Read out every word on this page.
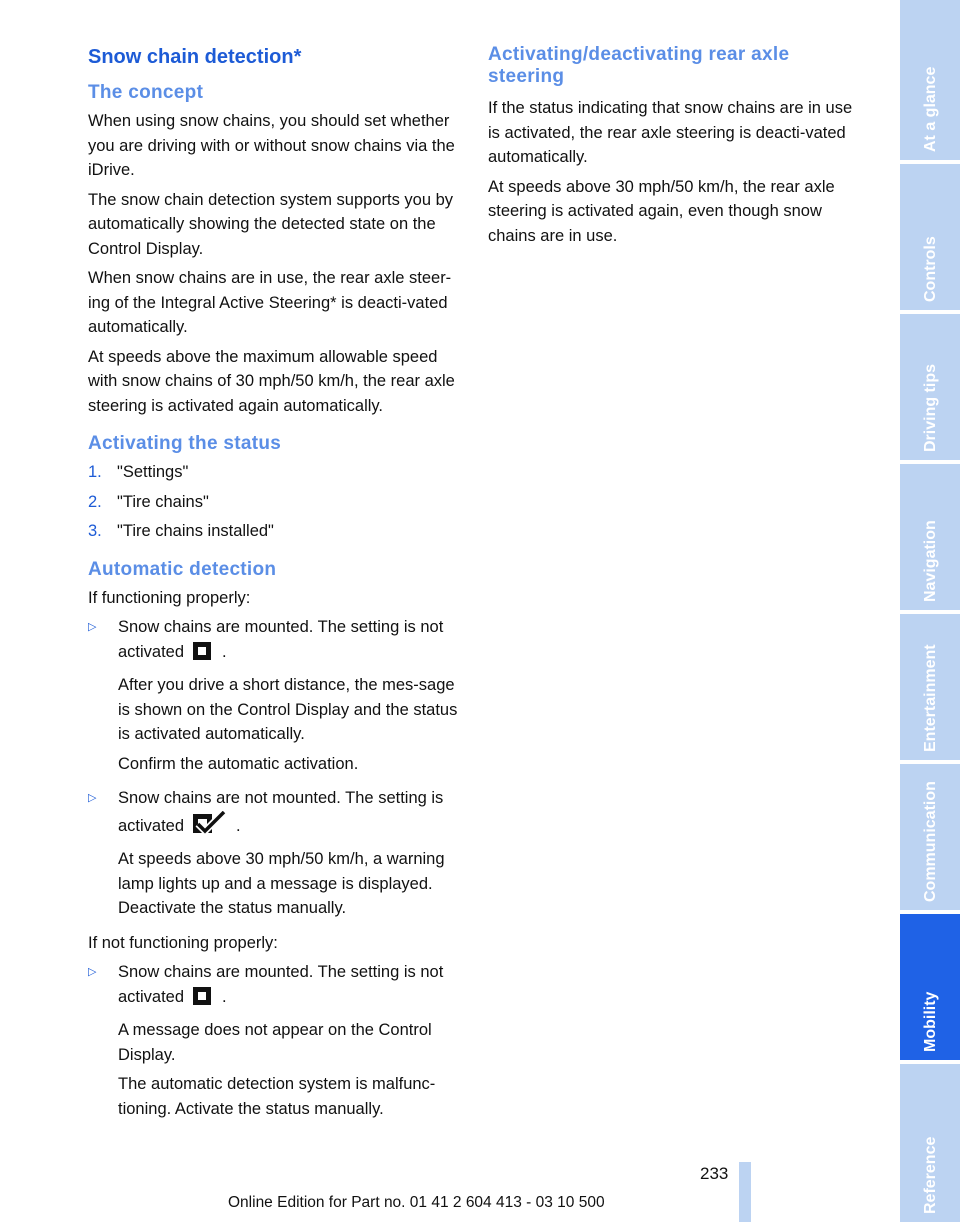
Snow chain detection*
The concept

When using snow chains, you should set whether you are driving with or without snow chains via the iDrive.

The snow chain detection system supports you by automatically showing the detected state on the Control Display.

When snow chains are in use, the rear axle steer-ing of the Integral Active Steering* is deacti-vated automatically.

At speeds above the maximum allowable speed with snow chains of 30 mph/50 km/h, the rear axle steering is activated again automatically.

Activating the status
1. "Settings"
2. "Tire chains"
3. "Tire chains installed"
Automatic detection

If functioning properly:

▷	Snow chains are mounted. The setting is not activated .

After you drive a short distance, the mes-sage is shown on the Control Display and the status is activated automatically.

Confirm the automatic activation.

▷	Snow chains are not mounted. The setting is activated	.

At speeds above 30 mph/50 km/h, a warning lamp lights up and a message is displayed. Deactivate the status manually.

If not functioning properly:

▷	Snow chains are mounted. The setting is not activated .

A message does not appear on the Control Display.

The automatic detection system is malfunc-tioning. Activate the status manually.

Activating/deactivating rear axle steering

If the status indicating that snow chains are in use is activated, the rear axle steering is deacti-vated automatically.

At speeds above 30 mph/50 km/h, the rear axle steering is activated again, even though snow chains are in use.

At a glance
Controls
Driving tips
Navigation
Entertainment
Communication
Mobility
Reference
233
Online Edition for Part no. 01 41 2 604 413 - 03 10 500
